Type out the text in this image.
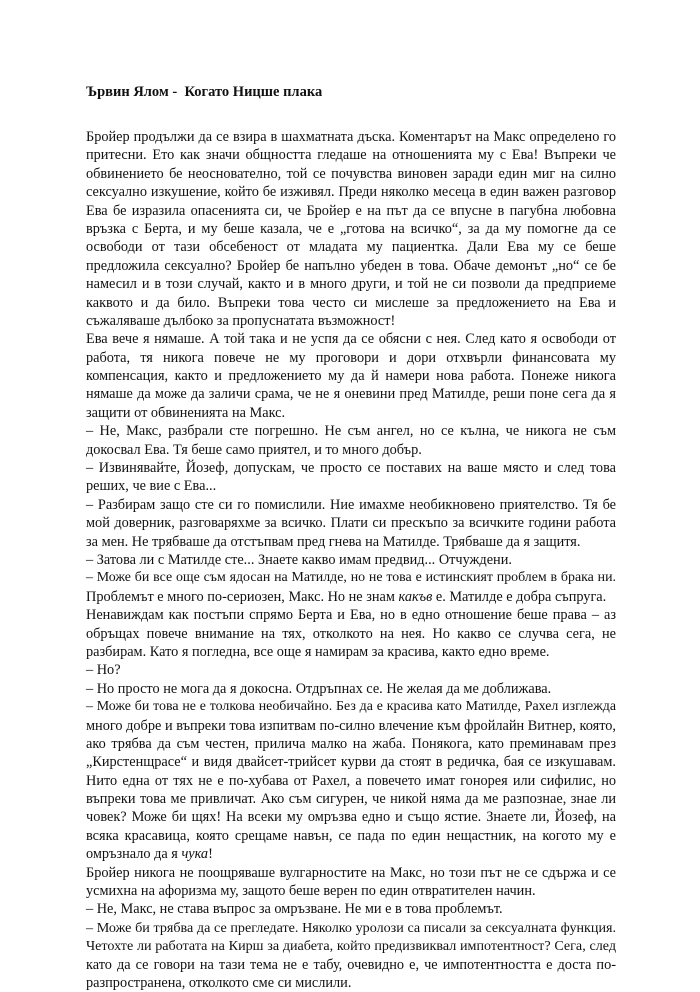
Ървин Ялом -  Когато Ницше плака
Бройер продължи да се взира в шахматната дъска. Коментарът на Макс определено го
притесни. Ето как значи общността гледаше на отношенията му с Ева! Въпреки че
обвинението бе неоснователно, той се почувства виновен заради един миг на силно
сексуално изкушение, който бе изживял. Преди няколко месеца в един важен разговор
Ева бе изразила опасенията си, че Бройер е на път да се впусне в пагубна любовна
връзка с Берта, и му беше казала, че е „готова на всичко“, за да му помогне да се
освободи от тази обсебеност от младата му пациентка. Дали Ева му се беше
предложила сексуално? Бройер бе напълно убеден в това. Обаче демонът „но“ се бе
намесил и в този случай, както и в много други, и той не си позволи да предприеме
каквото и да било. Въпреки това често си мислеше за предложението на Ева и
съжаляваше дълбоко за пропуснатата възможност!
Ева вече я нямаше. А той така и не успя да се обясни с нея. След като я освободи от
работа, тя никога повече не му проговори и дори отхвърли финансовата му
компенсация, както и предложението му да й намери нова работа. Понеже никога
нямаше да може да заличи срама, че не я оневини пред Матилде, реши поне сега да я
защити от обвиненията на Макс.
– Не, Макс, разбрали сте погрешно. Не съм ангел, но се кълна, че никога не съм
докосвал Ева. Тя беше само приятел, и то много добър.
– Извинявайте, Йозеф, допускам, че просто се поставих на ваше място и след това
реших, че вие с Ева...
– Разбирам защо сте си го помислили. Ние имахме необикновено приятелство. Тя бе
мой доверник, разговаряхме за всичко. Плати си прескъпо за всичките години работа
за мен. Не трябваше да отстъпвам пред гнева на Матилде. Трябваше да я защитя.
– Затова ли с Матилде сте... Знаете какво имам предвид... Отчуждени.
– Може би все още съм ядосан на Матилде, но не това е истинският проблем в брака ни.
Проблемът е много по-сериозен, Макс. Но не знам какъв е. Матилде е добра съпруга.
Ненавиждам как постъпи спрямо Берта и Ева, но в едно отношение беше права – аз
обръщах повече внимание на тях, отколкото на нея. Но какво се случва сега, не
разбирам. Като я погледна, все още я намирам за красива, както едно време.
– Но?
– Но просто не мога да я докосна. Отдръпнах се. Не желая да ме доближава.
– Може би това не е толкова необичайно. Без да е красива като Матилде, Рахел изглежда
много добре и въпреки това изпитвам по-силно влечение към фройлайн Витнер, която,
ако трябва да съм честен, прилича малко на жаба. Понякога, като преминавам през
„Кирстенщрасе“ и видя двайсет-трийсет курви да стоят в редичка, бая се изкушавам.
Нито една от тях не е по-хубава от Рахел, а повечето имат гонорея или сифилис, но
въпреки това ме привличат. Ако съм сигурен, че никой няма да ме разпознае, знае ли
човек? Може би щях! На всеки му омръзва едно и също ястие. Знаете ли, Йозеф, на
всяка красавица, която срещаме навън, се пада по един нещастник, на когото му е
омръзнало да я чука!
Бройер никога не поощряваше вулгарностите на Макс, но този път не се сдържа и се
усмихна на афоризма му, защото беше верен по един отвратителен начин.
– Не, Макс, не става въпрос за омръзване. Не ми е в това проблемът.
– Може би трябва да се прегледате. Няколко уролози са писали за сексуалната функция.
Четохте ли работата на Кирш за диабета, който предизвиквал импотентност? Сега, след
като да се говори на тази тема не е табу, очевидно е, че импотентността е доста по-
разпространена, отколкото сме си мислили.
